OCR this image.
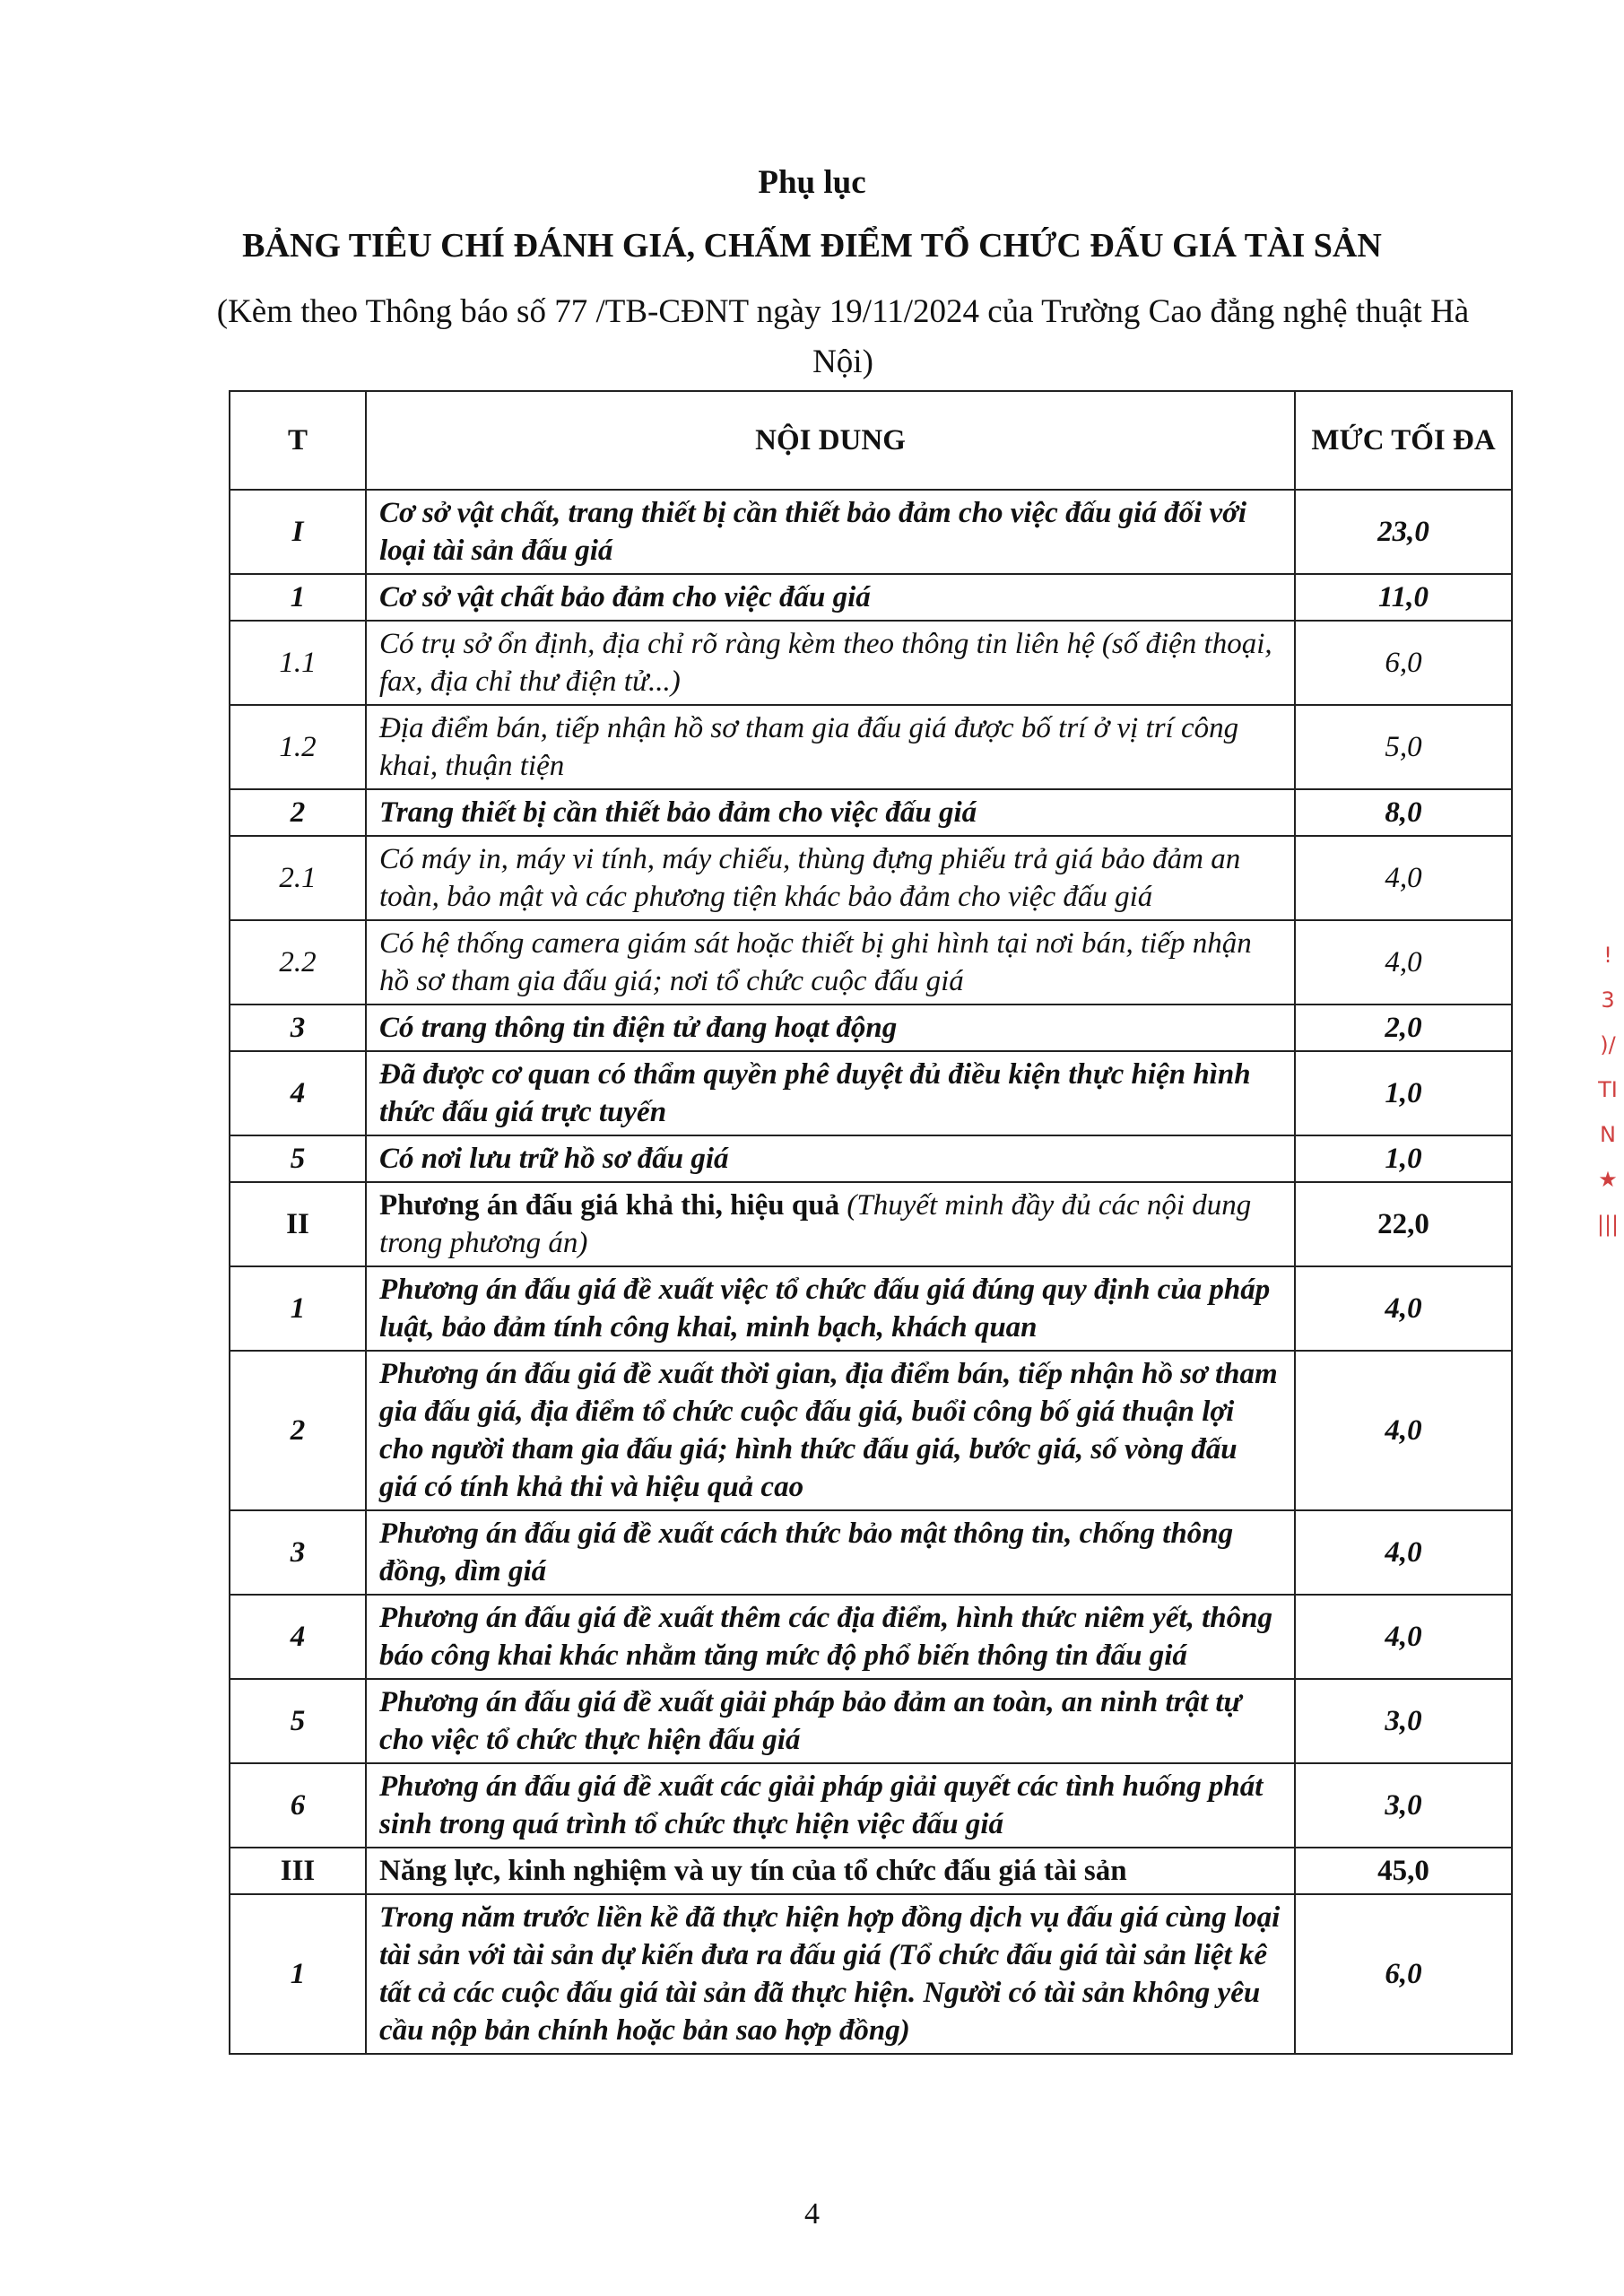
Phụ lục
BẢNG TIÊU CHÍ ĐÁNH GIÁ, CHẤM ĐIỂM TỔ CHỨC ĐẤU GIÁ TÀI SẢN
(Kèm theo Thông báo số 77 /TB-CĐNT ngày 19/11/2024 của Trường Cao đẳng nghệ thuật Hà Nội)
T	NỘI DUNG	MỨC TỐI ĐA
I	Cơ sở vật chất, trang thiết bị cần thiết bảo đảm cho việc đấu giá đối với loại tài sản đấu giá	23,0
1	Cơ sở vật chất bảo đảm cho việc đấu giá	11,0
1.1	Có trụ sở ổn định, địa chỉ rõ ràng kèm theo thông tin liên hệ (số điện thoại, fax, địa chỉ thư điện tử...)	6,0
1.2	Địa điểm bán, tiếp nhận hồ sơ tham gia đấu giá được bố trí ở vị trí công khai, thuận tiện	5,0
2	Trang thiết bị cần thiết bảo đảm cho việc đấu giá	8,0
2.1	Có máy in, máy vi tính, máy chiếu, thùng đựng phiếu trả giá bảo đảm an toàn, bảo mật và các phương tiện khác bảo đảm cho việc đấu giá	4,0
2.2	Có hệ thống camera giám sát hoặc thiết bị ghi hình tại nơi bán, tiếp nhận hồ sơ tham gia đấu giá; nơi tổ chức cuộc đấu giá	4,0
3	Có trang thông tin điện tử đang hoạt động	2,0
4	Đã được cơ quan có thẩm quyền phê duyệt đủ điều kiện thực hiện hình thức đấu giá trực tuyến	1,0
5	Có nơi lưu trữ hồ sơ đấu giá	1,0
II	Phương án đấu giá khả thi, hiệu quả (Thuyết minh đầy đủ các nội dung trong phương án)	22,0
1	Phương án đấu giá đề xuất việc tổ chức đấu giá đúng quy định của pháp luật, bảo đảm tính công khai, minh bạch, khách quan	4,0
2	Phương án đấu giá đề xuất thời gian, địa điểm bán, tiếp nhận hồ sơ tham gia đấu giá, địa điểm tổ chức cuộc đấu giá, buổi công bố giá thuận lợi cho người tham gia đấu giá; hình thức đấu giá, bước giá, số vòng đấu giá có tính khả thi và hiệu quả cao	4,0
3	Phương án đấu giá đề xuất cách thức bảo mật thông tin, chống thông đồng, dìm giá	4,0
4	Phương án đấu giá đề xuất thêm các địa điểm, hình thức niêm yết, thông báo công khai khác nhằm tăng mức độ phổ biến thông tin đấu giá	4,0
5	Phương án đấu giá đề xuất giải pháp bảo đảm an toàn, an ninh trật tự cho việc tổ chức thực hiện đấu giá	3,0
6	Phương án đấu giá đề xuất các giải pháp giải quyết các tình huống phát sinh trong quá trình tổ chức thực hiện việc đấu giá	3,0
III	Năng lực, kinh nghiệm và uy tín của tổ chức đấu giá tài sản	45,0
1	Trong năm trước liền kề đã thực hiện hợp đồng dịch vụ đấu giá cùng loại tài sản với tài sản dự kiến đưa ra đấu giá (Tổ chức đấu giá tài sản liệt kê tất cả các cuộc đấu giá tài sản đã thực hiện. Người có tài sản không yêu cầu nộp bản chính hoặc bản sao hợp đồng)	6,0
4
!
3
)/
TI
N
★
|||
